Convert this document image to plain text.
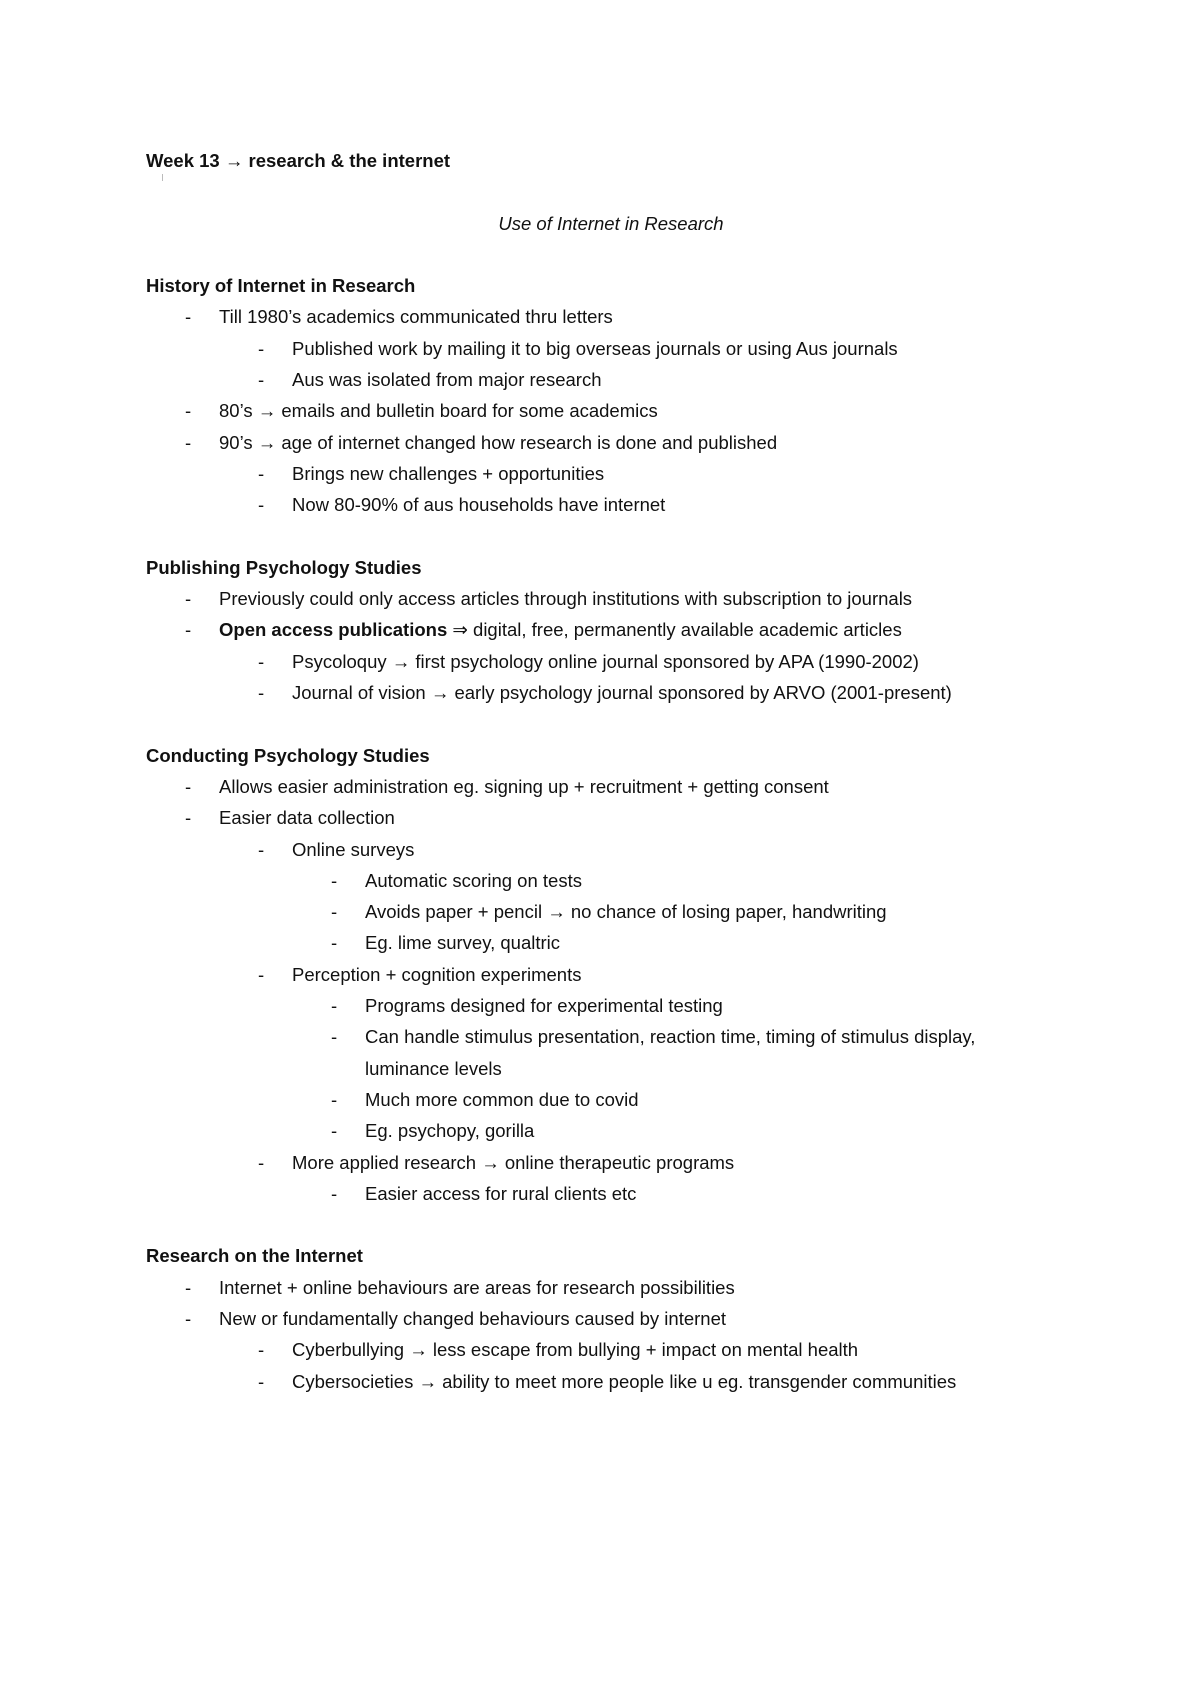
Week 13 → research & the internet
Use of Internet in Research
History of Internet in Research
- Till 1980’s academics communicated thru letters
- Published work by mailing it to big overseas journals or using Aus journals
- Aus was isolated from major research
- 80’s → emails and bulletin board for some academics
- 90’s → age of internet changed how research is done and published
- Brings new challenges + opportunities
- Now 80-90% of aus households have internet
Publishing Psychology Studies
- Previously could only access articles through institutions with subscription to journals
- Open access publications ⇒ digital, free, permanently available academic articles
- Psycoloquy → first psychology online journal sponsored by APA (1990-2002)
- Journal of vision → early psychology journal sponsored by ARVO (2001-present)
Conducting Psychology Studies
- Allows easier administration eg. signing up + recruitment + getting consent
- Easier data collection
- Online surveys
- Automatic scoring on tests
- Avoids paper + pencil → no chance of losing paper, handwriting
- Eg. lime survey, qualtric
- Perception + cognition experiments
- Programs designed for experimental testing
- Can handle stimulus presentation, reaction time, timing of stimulus display,
luminance levels
- Much more common due to covid
- Eg. psychopy, gorilla
- More applied research → online therapeutic programs
- Easier access for rural clients etc
Research on the Internet
- Internet + online behaviours are areas for research possibilities
- New or fundamentally changed behaviours caused by internet
- Cyberbullying → less escape from bullying + impact on mental health
- Cybersocieties → ability to meet more people like u eg. transgender communities
